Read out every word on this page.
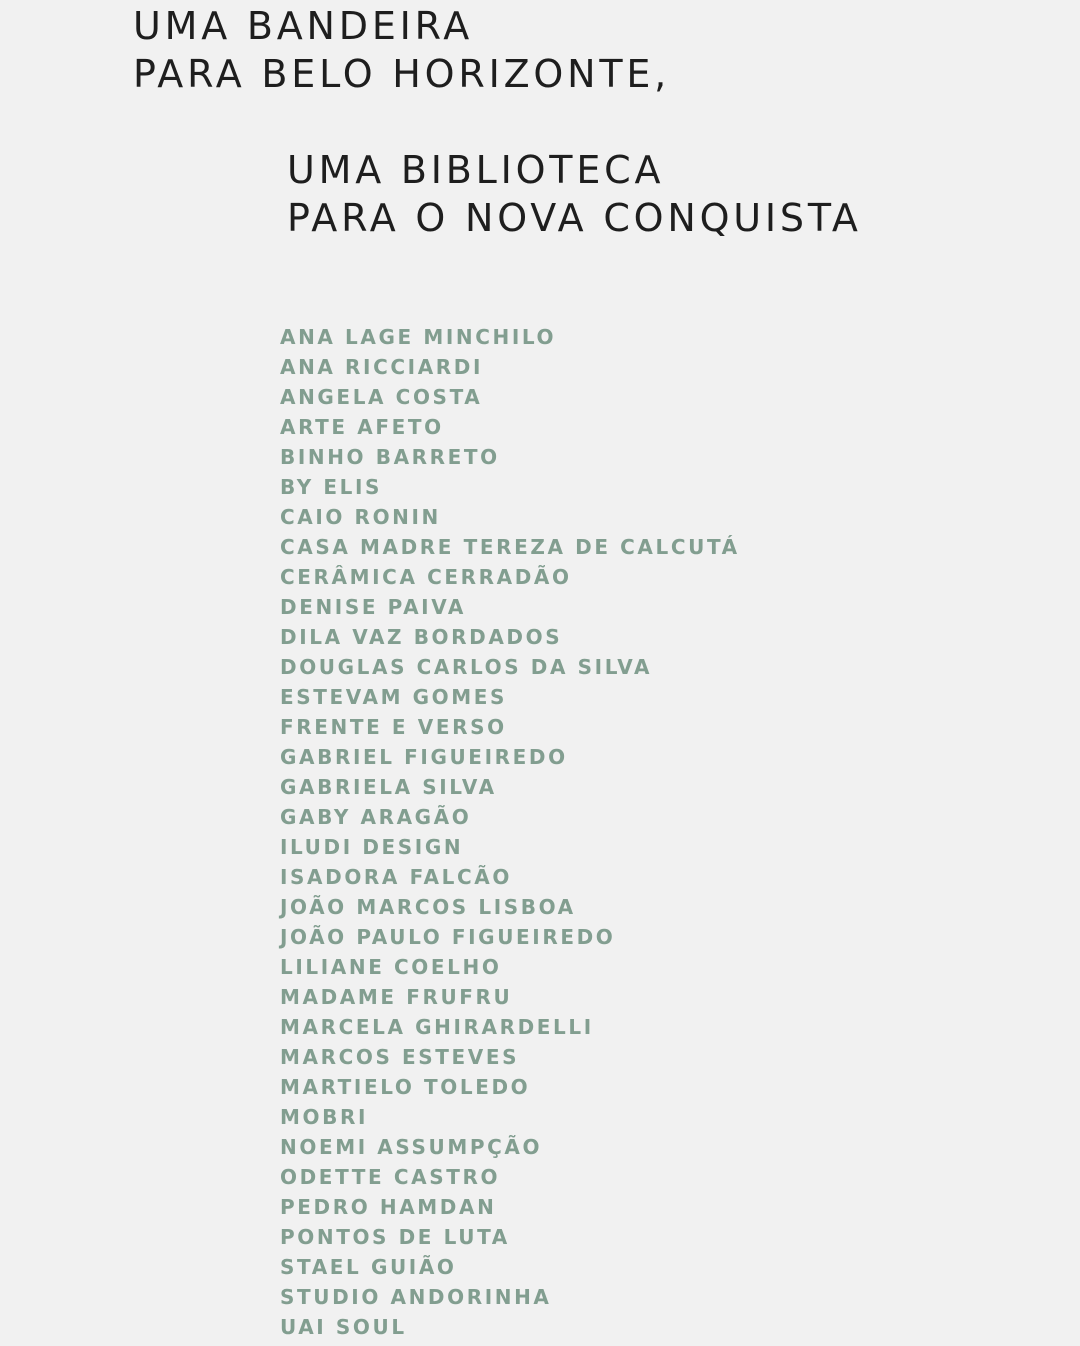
UMA BANDEIRA
PARA BELO HORIZONTE,
UMA BIBLIOTECA
PARA O NOVA CONQUISTA
ANA LAGE MINCHILO
ANA RICCIARDI
ANGELA COSTA
ARTE AFETO
BINHO BARRETO
BY ELIS
CAIO RONIN
CASA MADRE TEREZA DE CALCUTÁ
CERÂMICA CERRADÃO
DENISE PAIVA
DILA VAZ BORDADOS
DOUGLAS CARLOS DA SILVA
ESTEVAM GOMES
FRENTE E VERSO
GABRIEL FIGUEIREDO
GABRIELA SILVA
GABY ARAGÃO
ILUDI DESIGN
ISADORA FALCÃO
JOÃO MARCOS LISBOA
JOÃO PAULO FIGUEIREDO
LILIANE COELHO
MADAME FRUFRU
MARCELA GHIRARDELLI
MARCOS ESTEVES
MARTIELO TOLEDO
MOBRI
NOEMI ASSUMPÇÃO
ODETTE CASTRO
PEDRO HAMDAN
PONTOS DE LUTA
STAEL GUIÃO
STUDIO ANDORINHA
UAI SOUL
